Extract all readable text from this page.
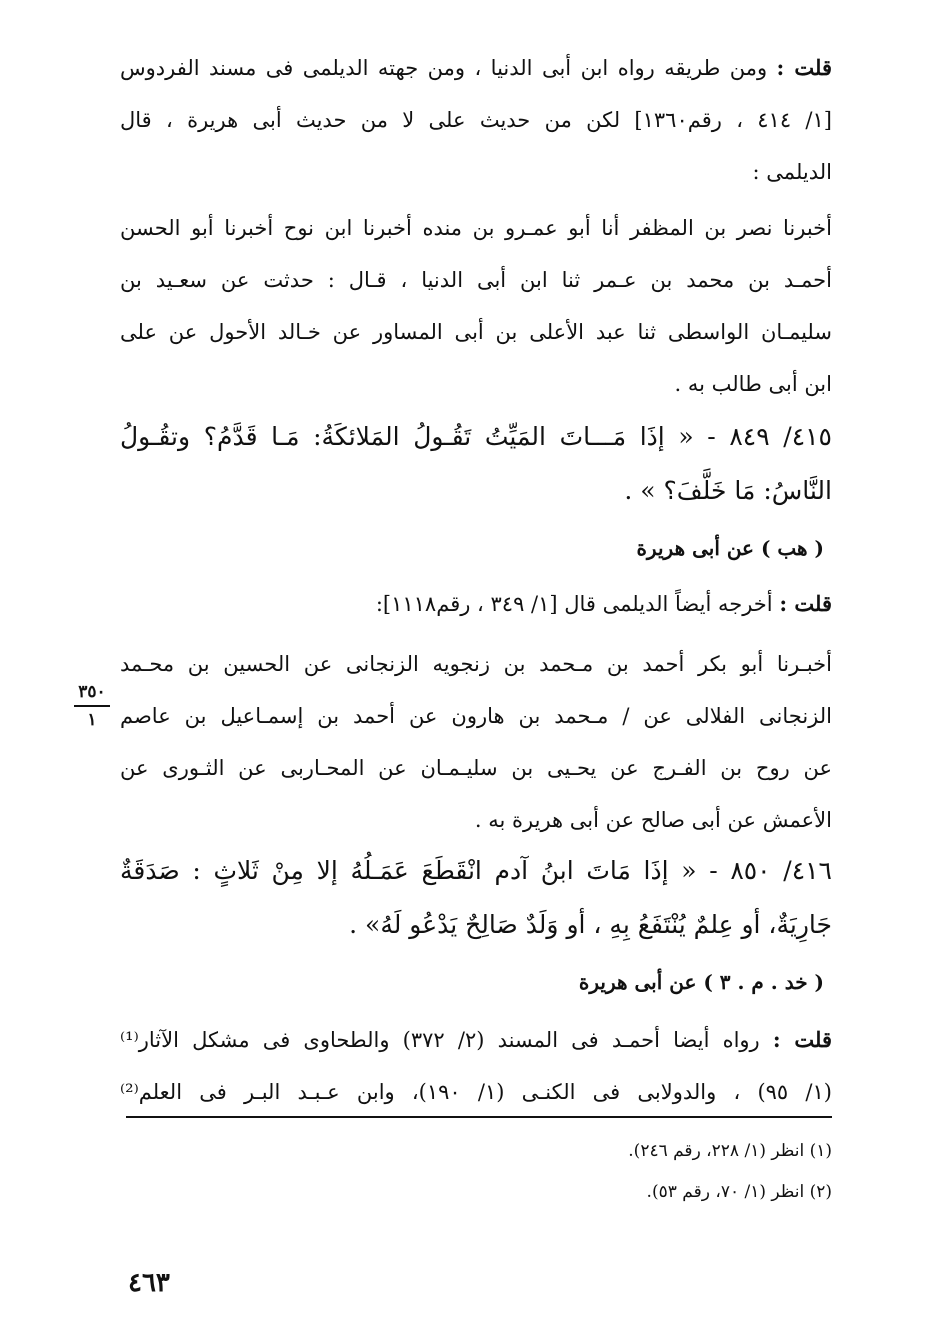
قلت : ومن طريقه رواه ابن أبى الدنيا ، ومن جهته الديلمى فى مسند الفردوس
[١/ ٤١٤ ، رقم١٣٦٠] لكن من حديث على لا من حديث أبى هريرة ، قال
الديلمى :
أخبرنا نصر بن المظفر أنا أبو عمـرو بن منده أخبرنا ابن نوح أخبرنا أبو الحسن
أحمـد بن محمد بن عـمر ثنا ابن أبى الدنيا ، قـال : حدثت عن سعـيد بن
سليمـان الواسطى ثنا عبد الأعلى بن أبى المساور عن خـالد الأحول عن على
ابن أبى طالب به .
٤١٥/ ٨٤٩ - « إذَا مَـــاتَ المَيِّتُ تَقُـولُ المَلائكَةُ: مَـا قَدَّمُ؟ وتقُـولُ
النَّاسُ: مَا خَلَّفَ؟ » .
( هب ) عن أبى هريرة
قلت : أخرجه أيضاً الديلمى قال [١/ ٣٤٩ ، رقم١١١٨]:
أخبـرنا أبو بكر أحمد بن مـحمد بن زنجويه الزنجانى عن الحسين بن محـمد
الزنجانى الفلالى عن / مـحمد بن هارون عن أحمد بن إسمـاعيل بن عاصم
عن روح بن الفـرج عن يحـيى بن سليـمـان عن المحـاربى عن الثـورى عن
الأعمش عن أبى صالح عن أبى هريرة به .
٣٥٠
١
٤١٦/ ٨٥٠ - « إذَا مَاتَ ابنُ آدم انْقَطَعَ عَمَـلُهُ إلا مِنْ ثَلاثٍ : صَدَقَةٌ
جَارِيَةٌ، أو عِلمٌ يُنْتَفَعُ بِهِ ، أو وَلَدٌ صَالِحٌ يَدْعُو لَهُ» .
( خد . م . ٣ ) عن أبى هريرة
قلت : رواه أيضا أحمـد فى المسند (٢/ ٣٧٢) والطحاوى فى مشكل الآثار⁽¹⁾
(١/ ٩٥) ، والدولابى فى الكنـى (١/ ١٩٠)، وابن عـبـد البـر فى العلم⁽²⁾
(١) انظر (١/ ٢٢٨، رقم ٢٤٦).
(٢) انظر (١/ ٧٠، رقم ٥٣).
٤٦٣
